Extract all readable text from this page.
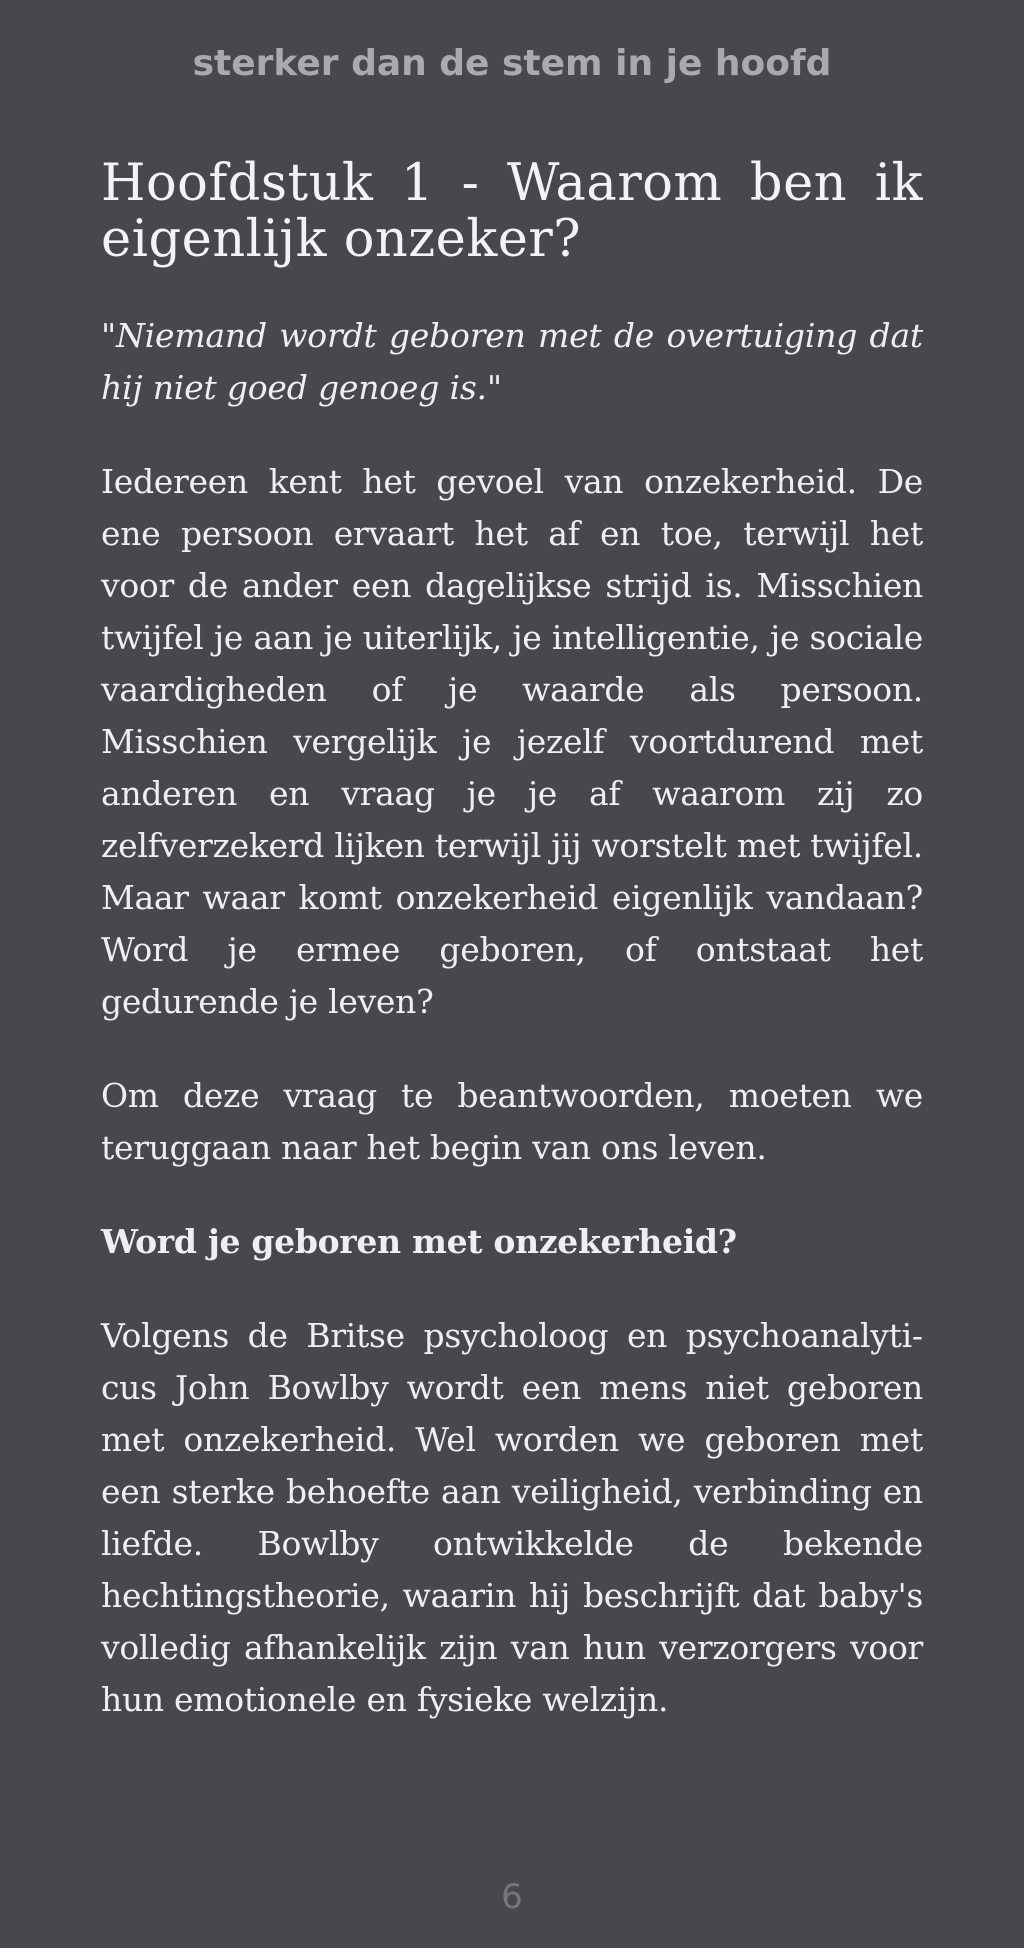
sterker dan de stem in je hoofd
Hoofdstuk 1 - Waarom ben ik eigenlijk onzeker?

"Niemand wordt geboren met de overtuiging dat hij niet goed genoeg is."

Iedereen kent het gevoel van onzekerheid. De ene persoon ervaart het af en toe, terwijl het voor de ander een dagelijkse strijd is. Misschien twijfel je aan je uiterlijk, je intelligentie, je sociale vaardigheden of je waarde als persoon. Misschien vergelijk je jezelf voortdurend met anderen en vraag je je af waarom zij zo zelfverzekerd lijken terwijl jij worstelt met twijfel. Maar waar komt onzekerheid eigenlijk vandaan? Word je ermee geboren, of ontstaat het gedurende je leven?

Om deze vraag te beantwoorden, moeten we teruggaan naar het begin van ons leven.

Word je geboren met onzekerheid?

Volgens de Britse psycholoog en psychoanalyticus John Bowlby wordt een mens niet geboren met onzekerheid. Wel worden we geboren met een sterke behoefte aan veiligheid, verbinding en liefde. Bowlby ontwikkelde de bekende hechtingstheorie, waarin hij beschrijft dat baby's volledig afhankelijk zijn van hun verzorgers voor hun emotionele en fysieke welzijn.

6
